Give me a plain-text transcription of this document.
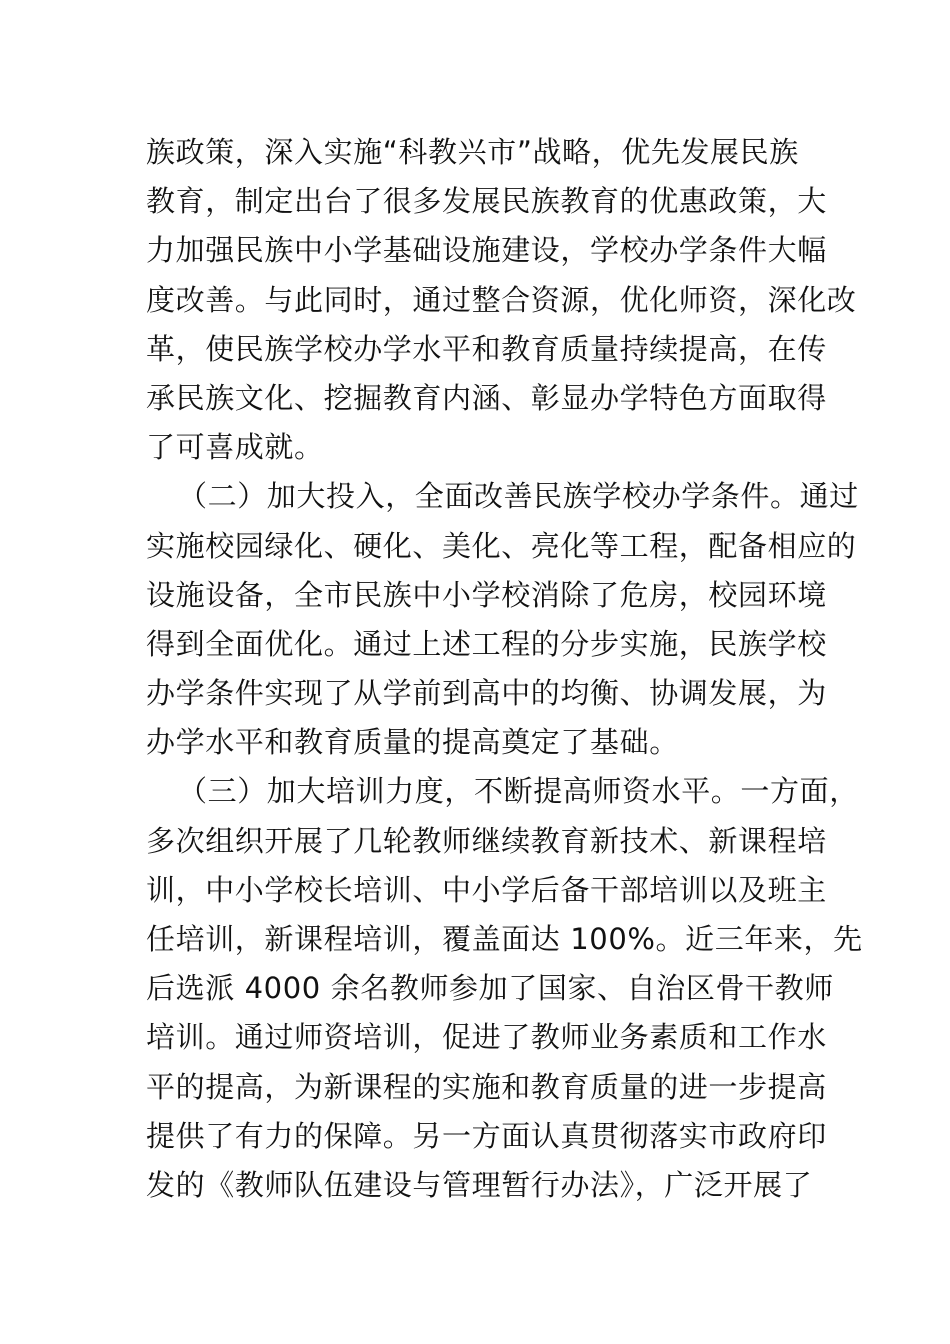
族政策，深入实施“科教兴市”战略，优先发展民族
教育，制定出台了很多发展民族教育的优惠政策，大
力加强民族中小学基础设施建设，学校办学条件大幅
度改善。与此同时，通过整合资源，优化师资，深化改
革，使民族学校办学水平和教育质量持续提高，在传
承民族文化、挖掘教育内涵、彰显办学特色方面取得
了可喜成就。
（二）加大投入，全面改善民族学校办学条件。通过
实施校园绿化、硬化、美化、亮化等工程，配备相应的
设施设备，全市民族中小学校消除了危房，校园环境
得到全面优化。通过上述工程的分步实施，民族学校
办学条件实现了从学前到高中的均衡、协调发展，为
办学水平和教育质量的提高奠定了基础。
（三）加大培训力度，不断提高师资水平。一方面，
多次组织开展了几轮教师继续教育新技术、新课程培
训，中小学校长培训、中小学后备干部培训以及班主
任培训，新课程培训，覆盖面达 100%。近三年来，先
后选派 4000 余名教师参加了国家、自治区骨干教师
培训。通过师资培训，促进了教师业务素质和工作水
平的提高，为新课程的实施和教育质量的进一步提高
提供了有力的保障。另一方面认真贯彻落实市政府印
发的《教师队伍建设与管理暂行办法》，广泛开展了
